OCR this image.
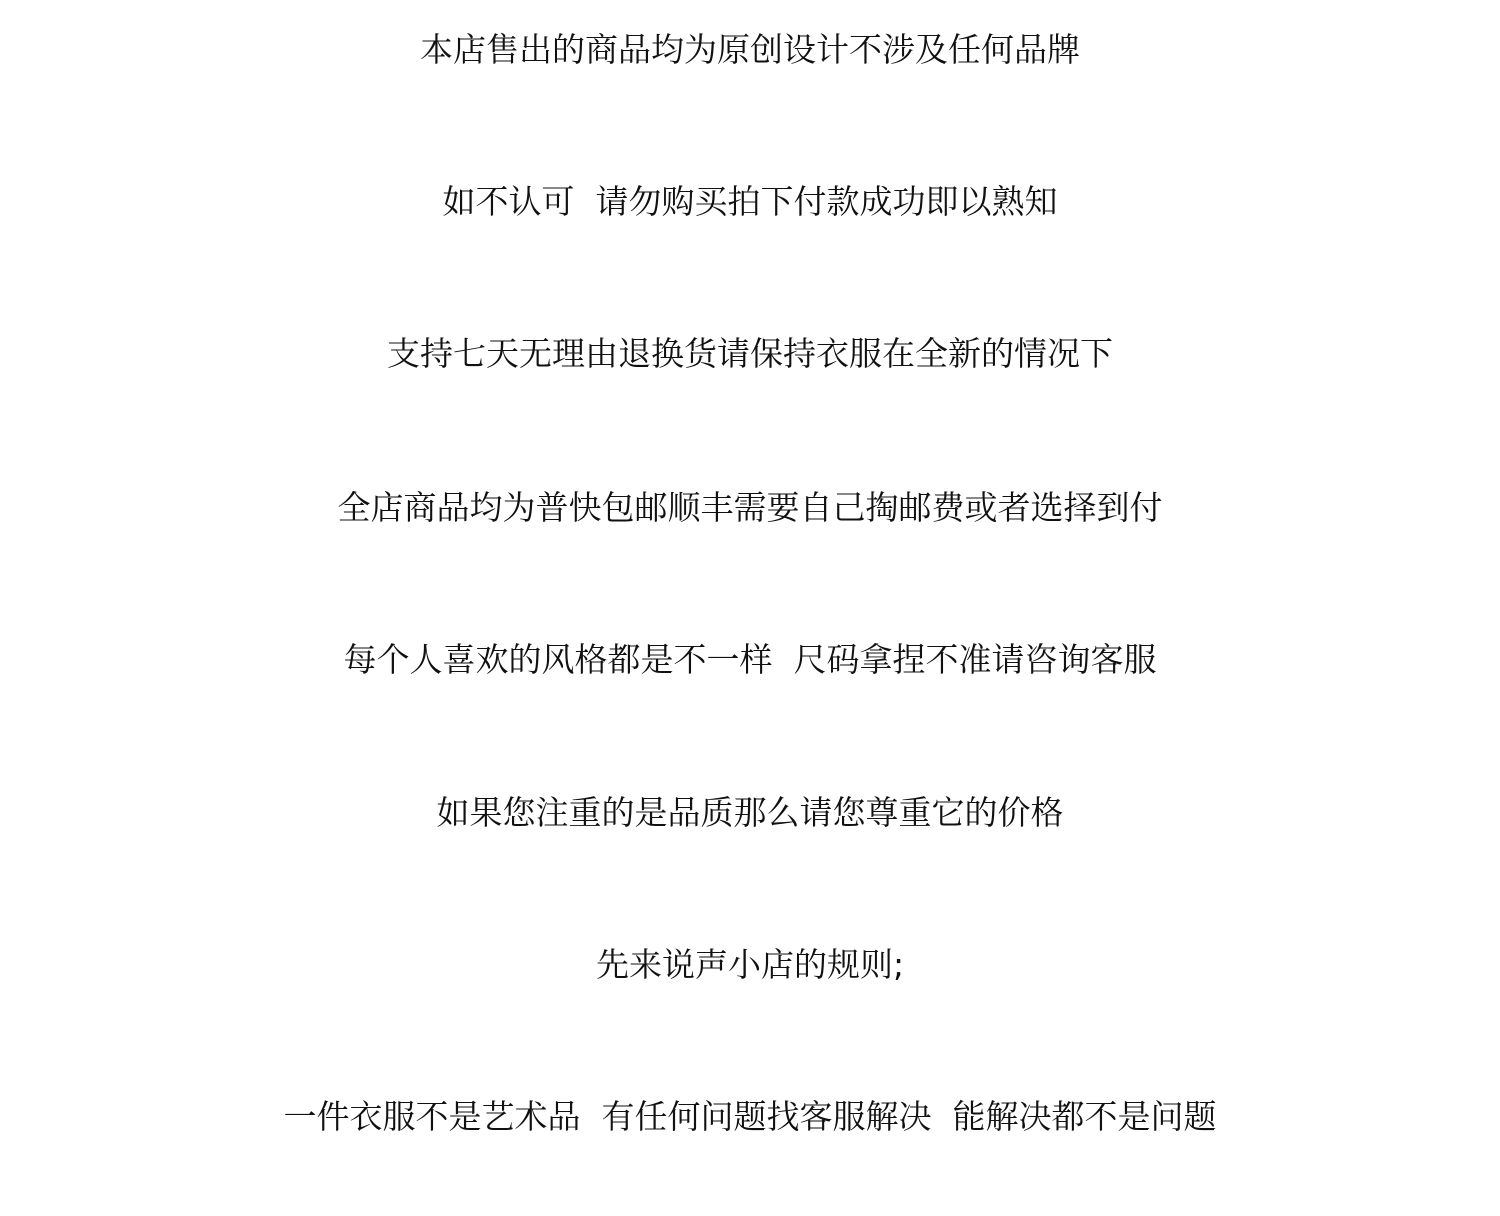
本店售出的商品均为原创设计不涉及任何品牌
如不认可  请勿购买拍下付款成功即以熟知
支持七天无理由退换货请保持衣服在全新的情况下
全店商品均为普快包邮顺丰需要自己掏邮费或者选择到付
每个人喜欢的风格都是不一样  尺码拿捏不准请咨询客服
如果您注重的是品质那么请您尊重它的价格
先来说声小店的规则;
一件衣服不是艺术品  有任何问题找客服解决  能解决都不是问题
